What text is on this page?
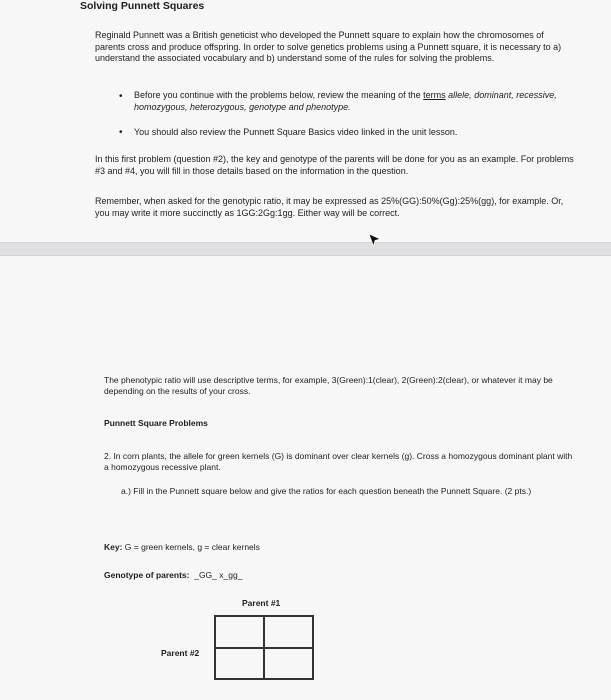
Solving Punnett Squares
Reginald Punnett was a British geneticist who developed the Punnett square to explain how the chromosomes of parents cross and produce offspring. In order to solve genetics problems using a Punnett square, it is necessary to a) understand the associated vocabulary and b) understand some of the rules for solving the problems.
•	Before you continue with the problems below, review the meaning of the terms allele, dominant, recessive, homozygous, heterozygous, genotype and phenotype.
•	You should also review the Punnett Square Basics video linked in the unit lesson.
In this first problem (question #2), the key and genotype of the parents will be done for you as an example. For problems #3 and #4, you will fill in those details based on the information in the question.
Remember, when asked for the genotypic ratio, it may be expressed as 25%(GG):50%(Gg):25%(gg), for example. Or, you may write it more succinctly as 1GG:2Gg:1gg. Either way will be correct.
The phenotypic ratio will use descriptive terms, for example, 3(Green):1(clear), 2(Green):2(clear), or whatever it may be depending on the results of your cross.
Punnett Square Problems
2. In corn plants, the allele for green kernels (G) is dominant over clear kernels (g). Cross a homozygous dominant plant with a homozygous recessive plant.
a.) Fill in the Punnett square below and give the ratios for each question beneath the Punnett Square. (2 pts.)
Key: G = green kernels, g = clear kernels
Genotype of parents: _GG_ x_gg_
Parent #1
Parent #2
